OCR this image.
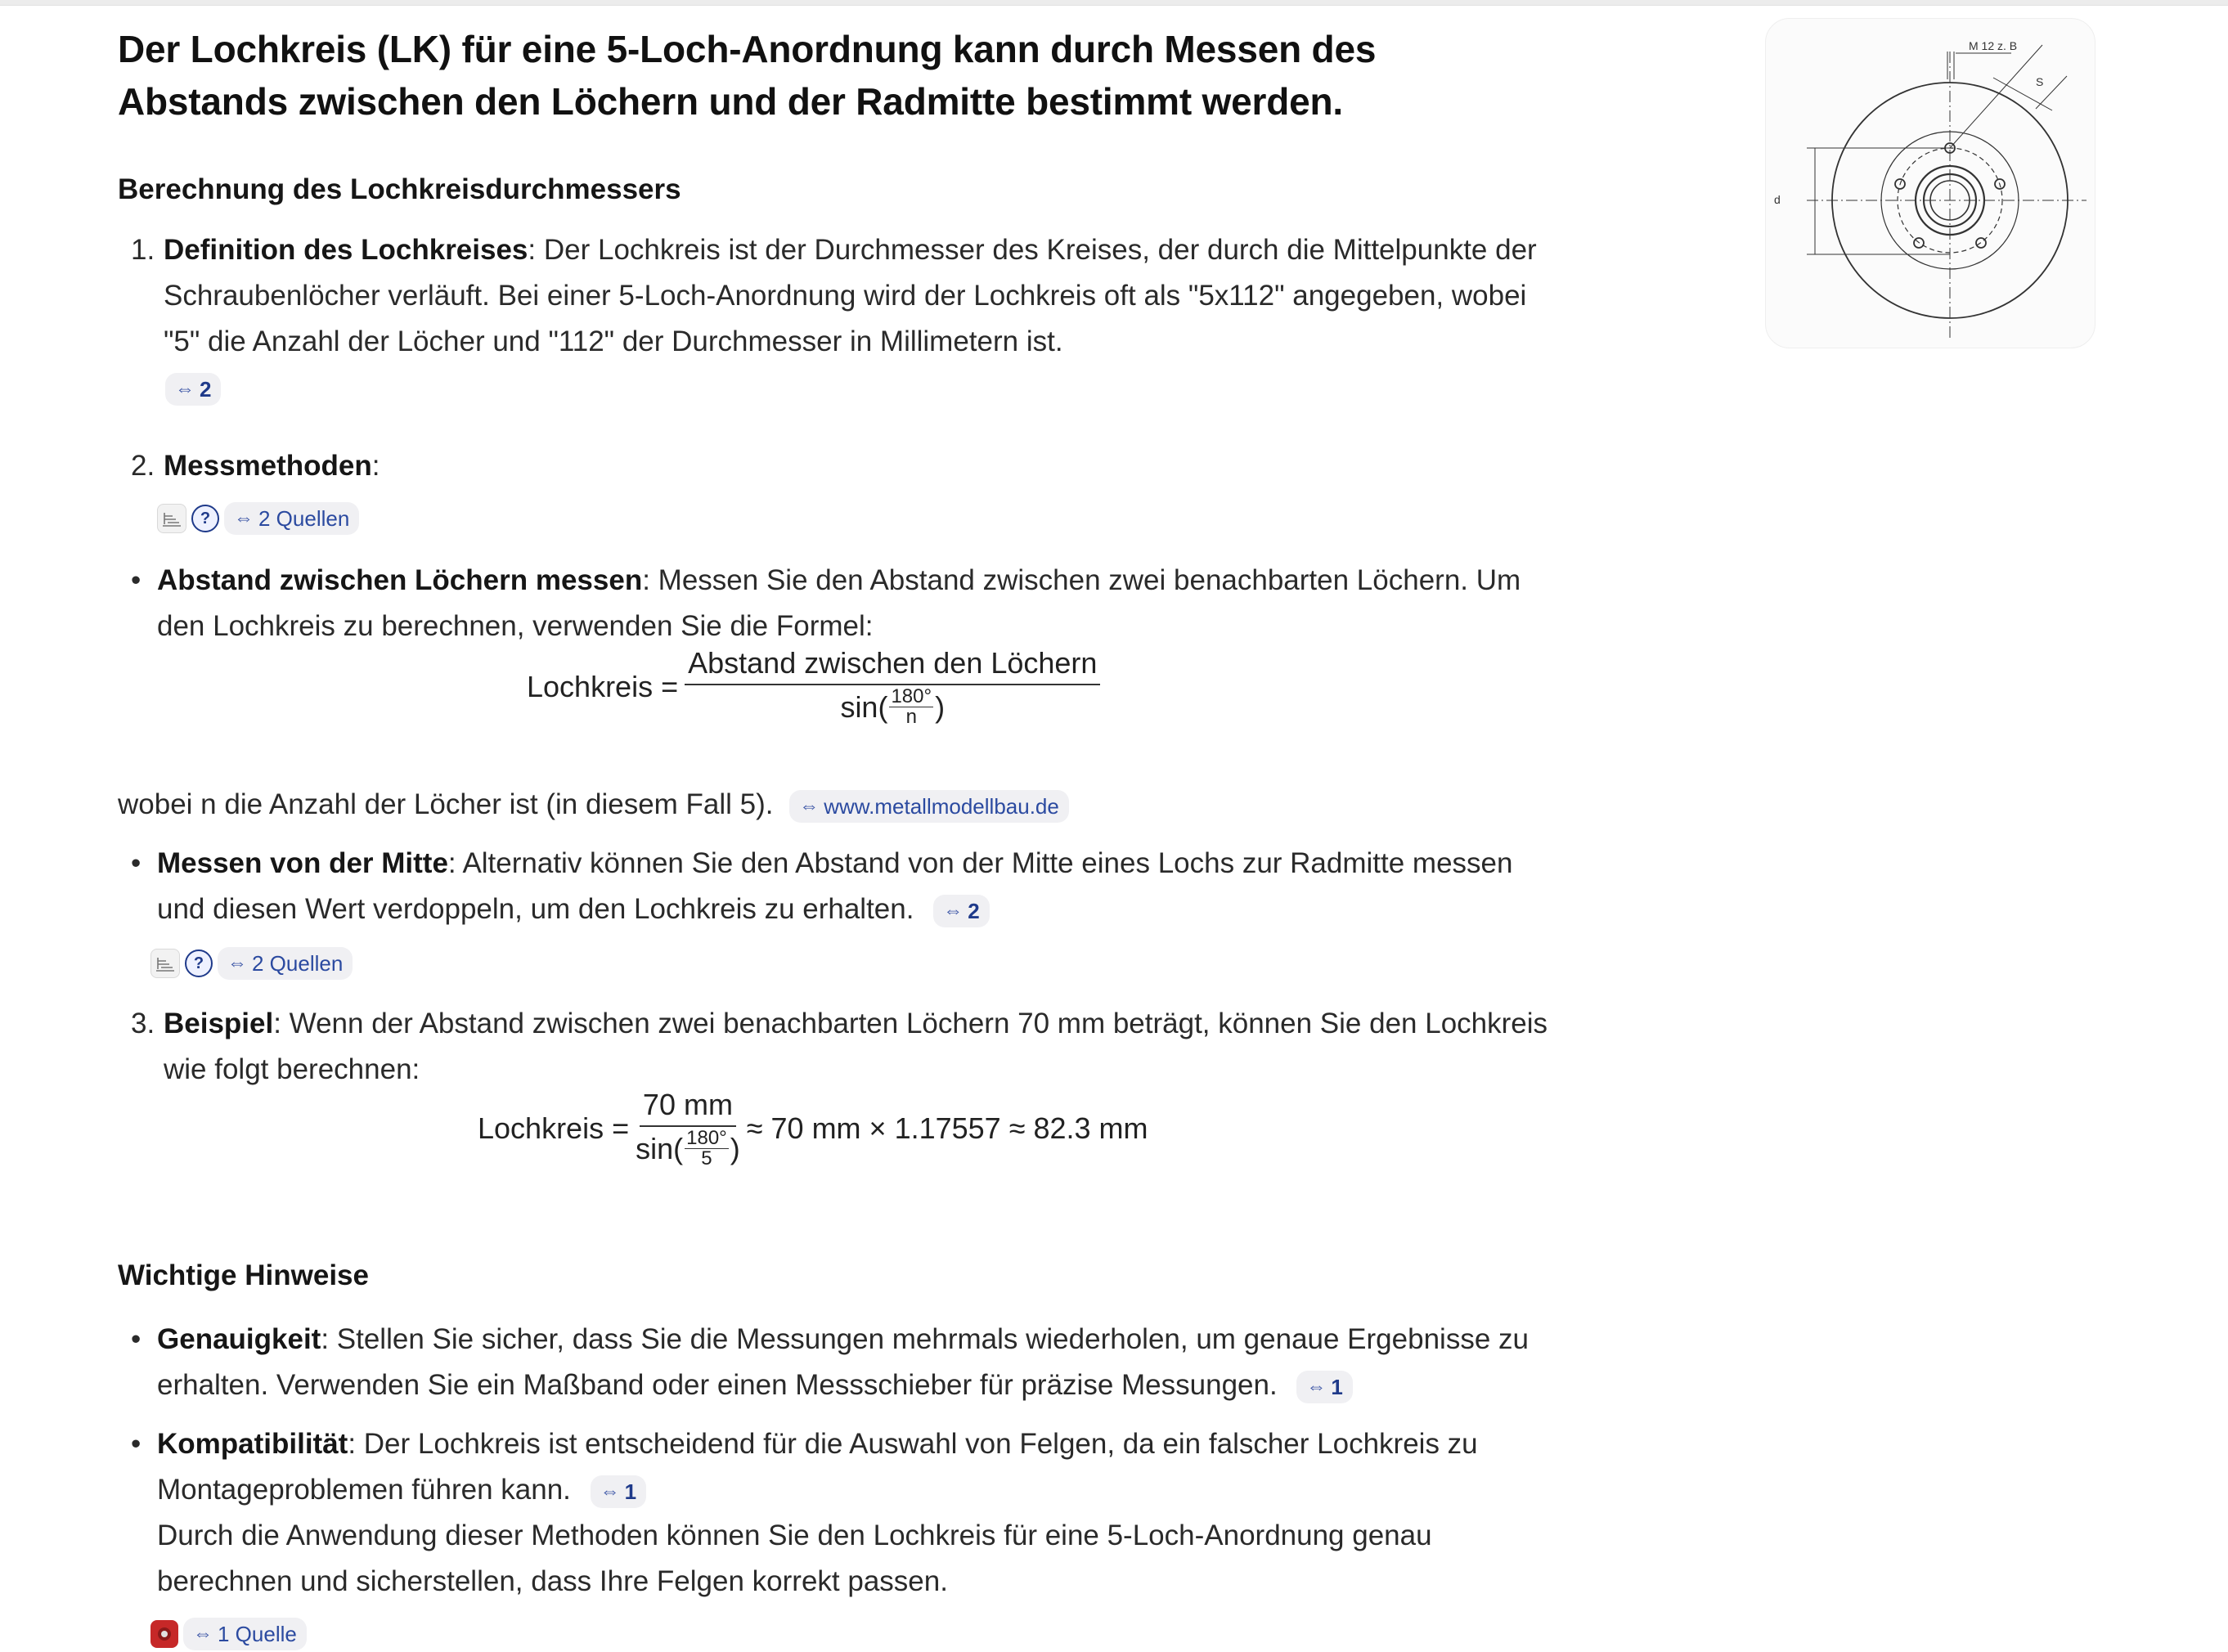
Der Lochkreis (LK) für eine 5-Loch-Anordnung kann durch Messen des Abstands zwischen den Löchern und der Radmitte bestimmt werden.
Berechnung des Lochkreisdurchmessers
1. Definition des Lochkreises: Der Lochkreis ist der Durchmesser des Kreises, der durch die Mittelpunkte der Schraubenlöcher verläuft. Bei einer 5-Loch-Anordnung wird der Lochkreis oft als "5x112" angegeben, wobei "5" die Anzahl der Löcher und "112" der Durchmesser in Millimetern ist.

⇔ 2
2. Messmethoden:
?	⇔ 2 Quellen
• Abstand zwischen Löchern messen: Messen Sie den Abstand zwischen zwei benachbarten Löchern. Um den Lochkreis zu berechnen, verwenden Sie die Formel:
Lochkreis = Abstand zwischen den Löchern
sin( 180°
n )
wobei n die Anzahl der Löcher ist (in diesem Fall 5). ⇔ www.metallmodellbau.de
• Messen von der Mitte: Alternativ können Sie den Abstand von der Mitte eines Lochs zur Radmitte messen und diesen Wert verdoppeln, um den Lochkreis zu erhalten. ⇔ 2
?	⇔ 2 Quellen
3. Beispiel: Wenn der Abstand zwischen zwei benachbarten Löchern 70 mm beträgt, können Sie den Lochkreis wie folgt berechnen:
Lochkreis = 70 mm
sin( 180°
5 ) ≈ 70 mm × 1.17557 ≈ 82.3 mm
Wichtige Hinweise
• Genauigkeit: Stellen Sie sicher, dass Sie die Messungen mehrmals wiederholen, um genaue Ergebnisse zu erhalten. Verwenden Sie ein Maßband oder einen Messschieber für präzise Messungen. ⇔ 1
• Kompatibilität: Der Lochkreis ist entscheidend für die Auswahl von Felgen, da ein falscher Lochkreis zu Montageproblemen führen kann. ⇔ 1

Durch die Anwendung dieser Methoden können Sie den Lochkreis für eine 5-Loch-Anordnung genau berechnen und sicherstellen, dass Ihre Felgen korrekt passen.
⇔ 1 Quelle
M 12 z. B
S
d
